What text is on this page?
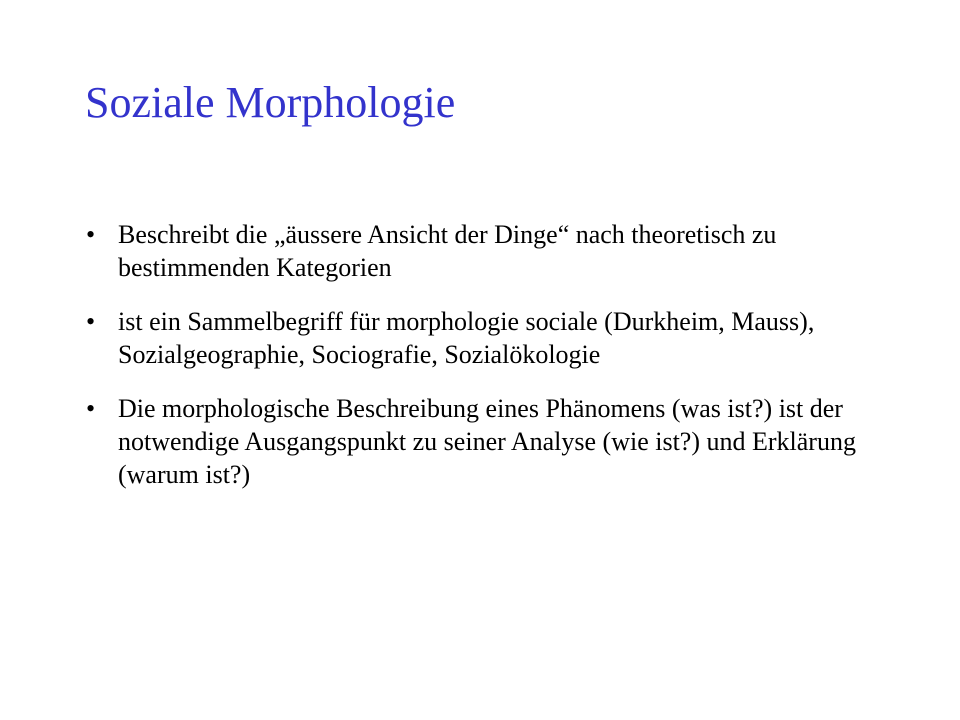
Soziale Morphologie
• Beschreibt die „äussere Ansicht der Dinge“ nach theoretisch zu bestimmenden Kategorien
• ist ein Sammelbegriff für morphologie sociale (Durkheim, Mauss), Sozialgeographie, Sociografie, Sozialökologie
• Die morphologische Beschreibung eines Phänomens (was ist?) ist der notwendige Ausgangspunkt zu seiner Analyse (wie ist?) und Erklärung (warum ist?)
